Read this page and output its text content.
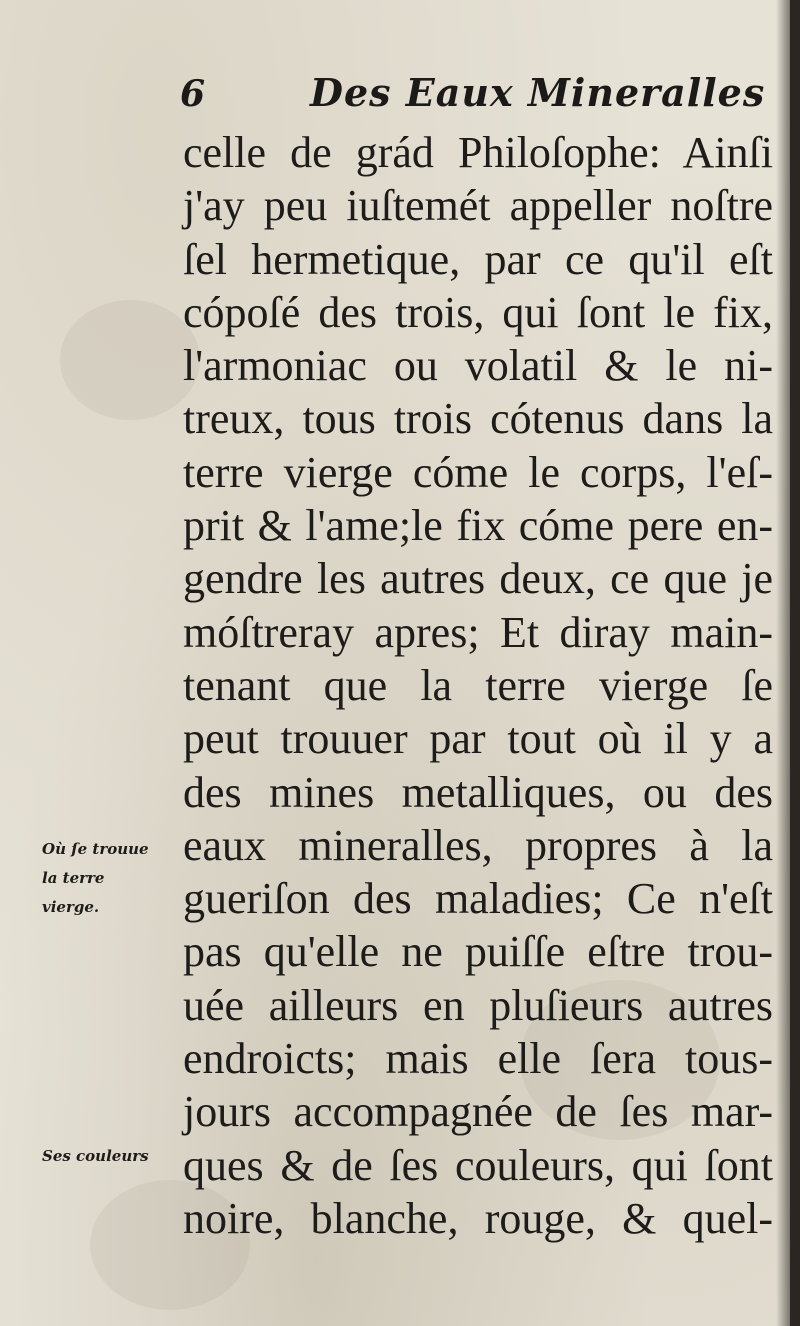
6	Des Eaux Mineralles
celle de grád Philoſophe: Ainſi
j'ay peu iuſtemét appeller noſtre
ſel hermetique, par ce qu'il eſt
cópoſé des trois, qui ſont le fix,
l'armoniac ou volatil & le ni-
treux, tous trois cótenus dans la
terre vierge cóme le corps, l'eſ-
prit & l'ame;le fix cóme pere en-
gendre les autres deux, ce que je
móſtreray apres; Et diray main-
tenant que la terre vierge ſe
peut trouuer par tout où il y a
des mines metalliques, ou des
eaux mineralles, propres à la
gueriſon des maladies; Ce n'eſt
pas qu'elle ne puiſſe eſtre trou-
uée ailleurs en pluſieurs autres
endroicts; mais elle ſera tous-
jours accompagnée de ſes mar-
ques & de ſes couleurs, qui ſont
noire, blanche, rouge, & quel-
Où ſe trouue
la terre
vierge.
Ses couleurs
